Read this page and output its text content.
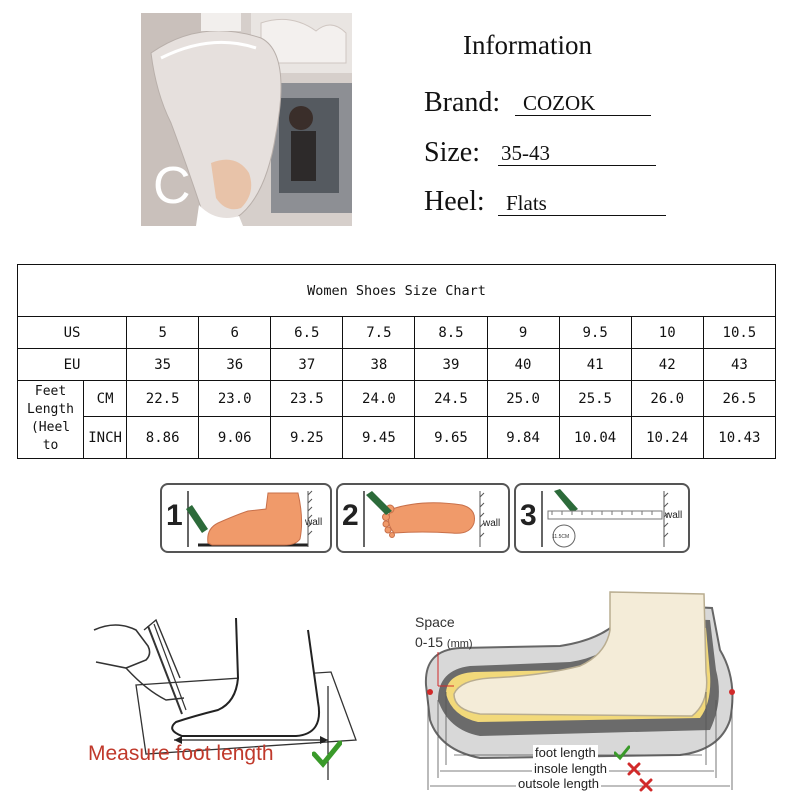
C
Information
Brand:	COZOK
Size: 35-43
Heel:	Flats
Women Shoes Size Chart										
US		5	6	6.5	7.5	8.5	9	9.5	10	10.5
EU		35	36	37	38	39	40	41	42	43

Feet
Length
(Heel
to	CM	22.5	23.0	23.5	24.0	24.5	25.0	25.5	26.0	26.5
	INCH	8.86	9.06	9.25	9.45	9.65	9.84	10.04	10.24	10.43
1	wall 2	wall 3
11.5CM
wall
Measure foot length
Space
0-15 (mm)
foot length
insole length
outsole length
